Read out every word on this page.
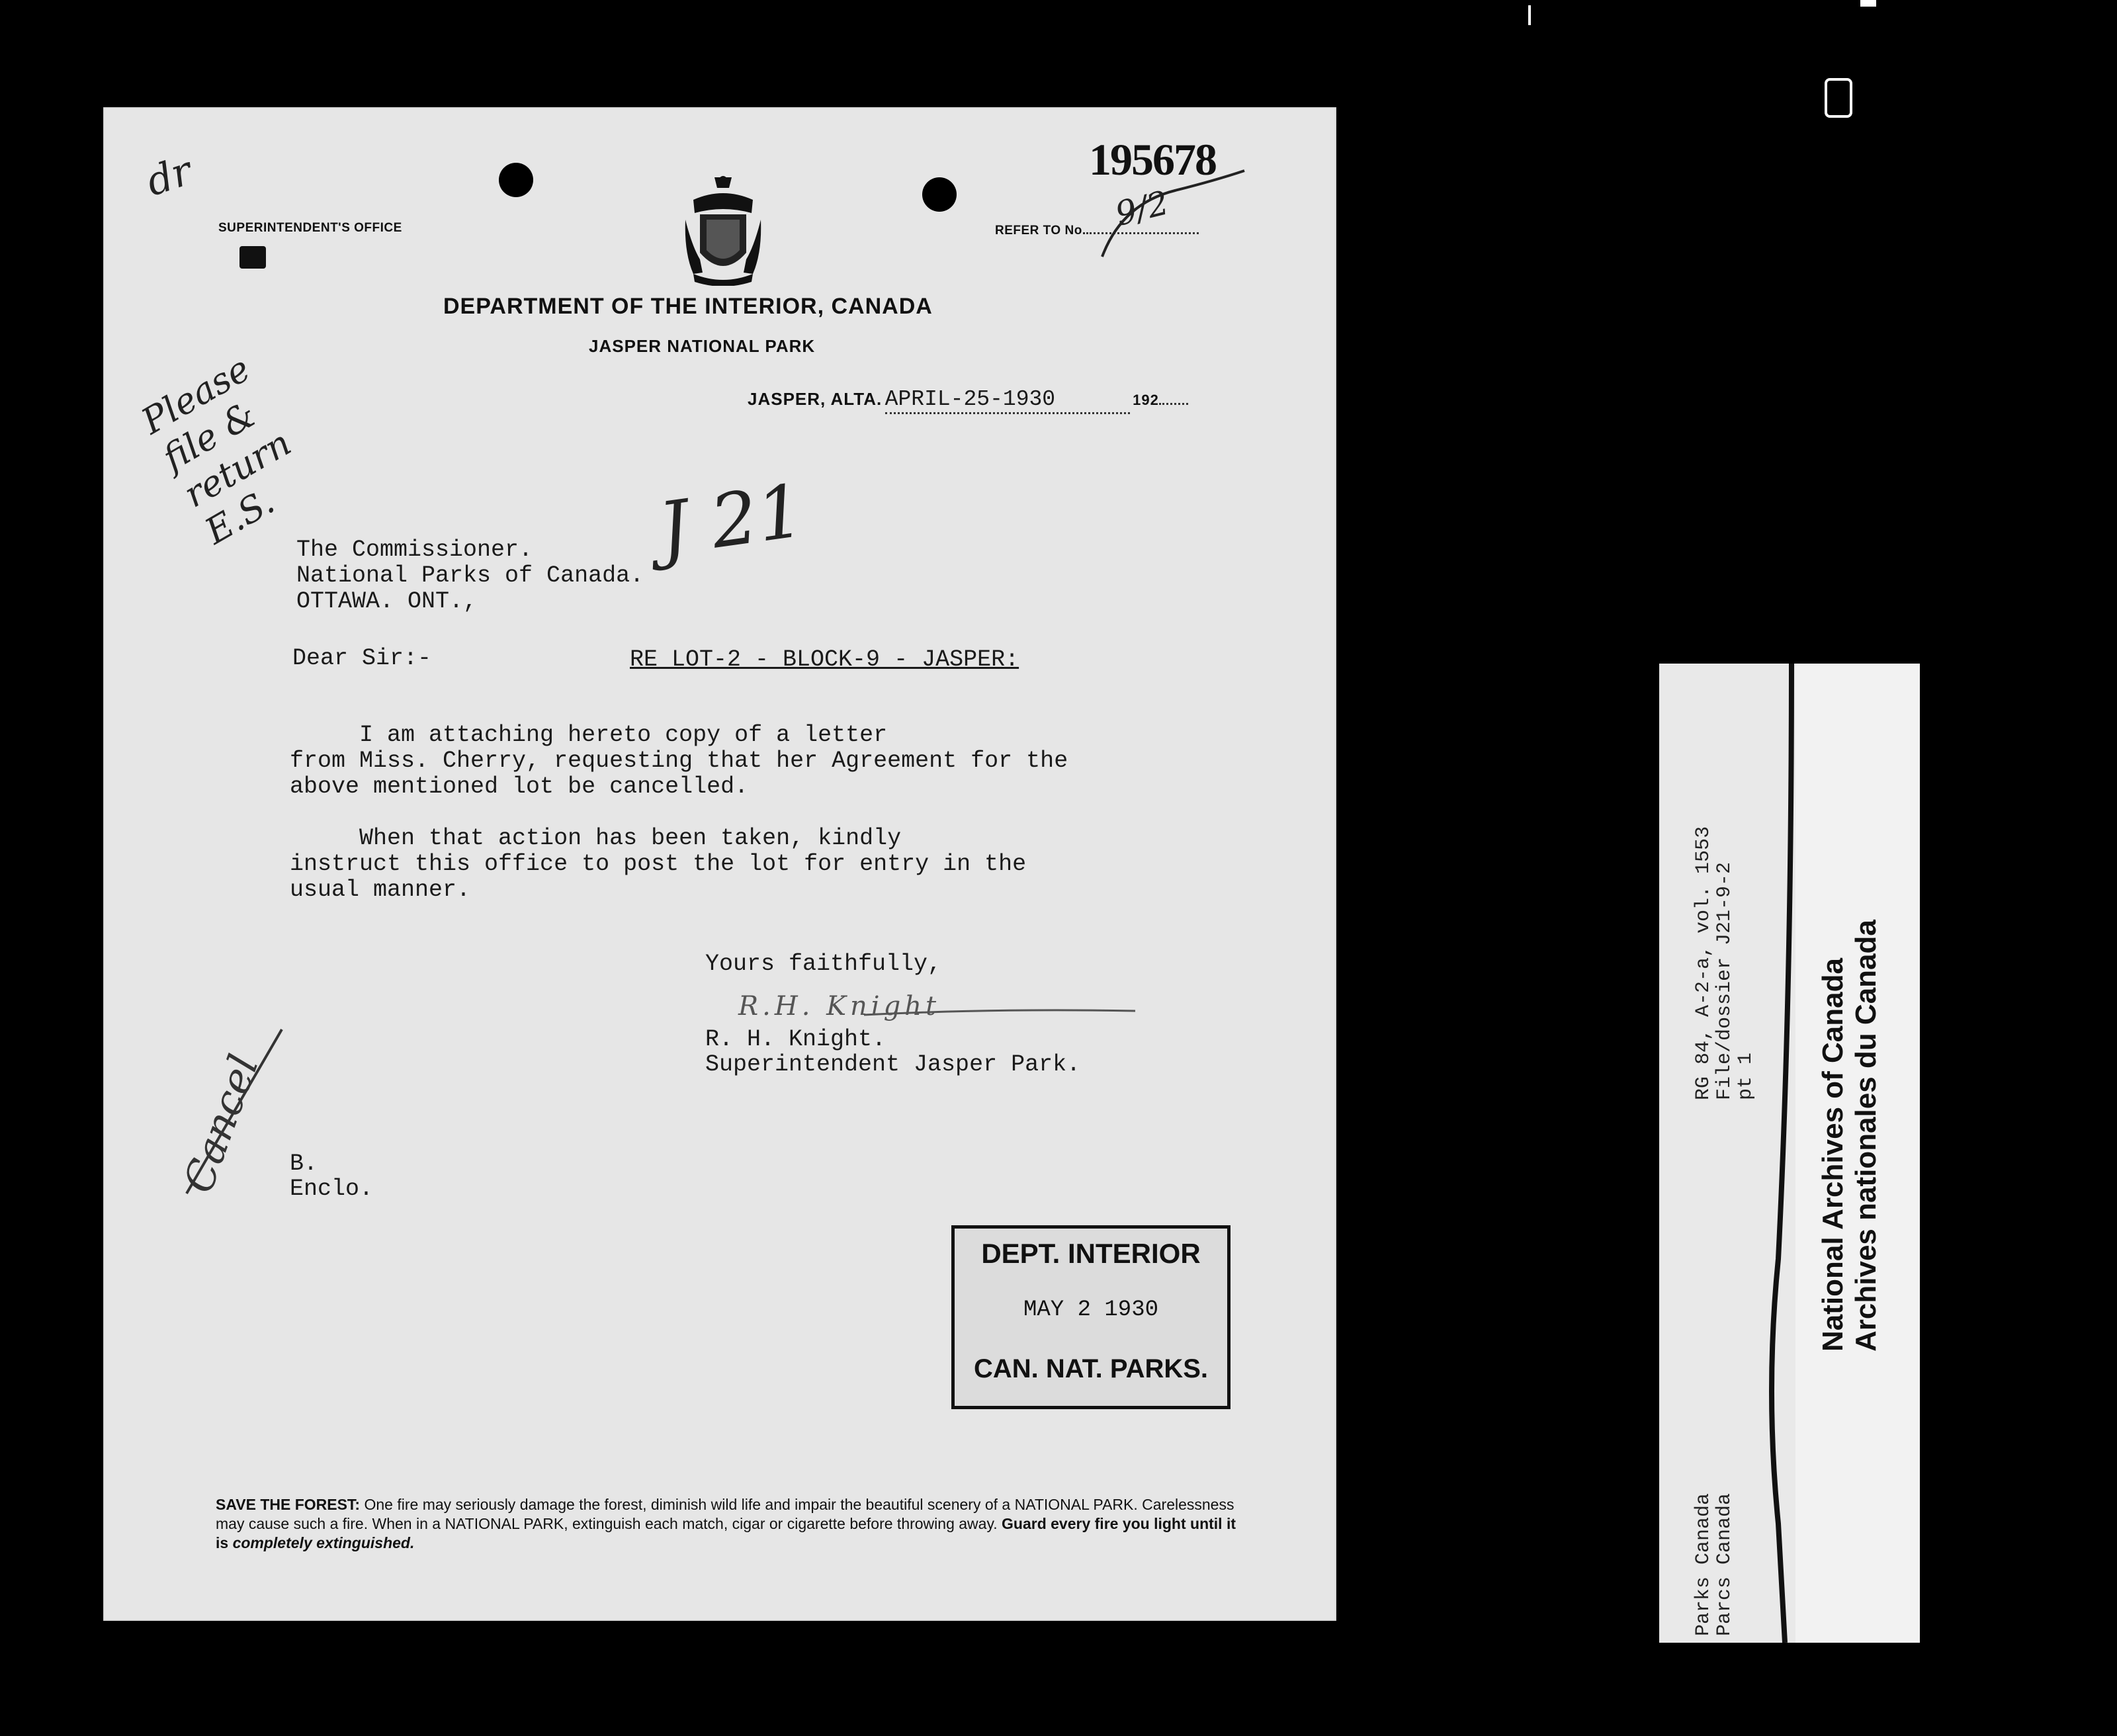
dr
SUPERINTENDENT'S OFFICE	REFER TO No. 9/2
195678
DEPARTMENT OF THE INTERIOR, CANADA
JASPER NATIONAL PARK
JASPER, ALTA. APRIL-25-1930	192
Please file & return E.S. The Commissioner.
National Parks of Canada.
OTTAWA. ONT.,
J 21
Dear Sir:-	RE LOT-2 - BLOCK-9 - JASPER:
I am attaching hereto copy of a letter
from Miss. Cherry, requesting that her Agreement for the
above mentioned lot be cancelled.
When that action has been taken, kindly
instruct this office to post the lot for entry in the
usual manner.
Yours faithfully,
R.H. Knight
R. H. Knight.
Superintendent Jasper Park.
Cancel B.
Enclo.
SAVE THE FOREST: One fire may seriously damage the forest, diminish wild life and impair the beautiful scenery of a NATIONAL PARK. Carelessness may cause such a fire. When in a NATIONAL PARK, extinguish each match, cigar or cigarette before throwing away. Guard every fire you light until it is completely extinguished.
DEPT. INTERIOR
MAY 2 1930
CAN. NAT. PARKS.
RG 84, A-2-a, vol. 1553
File/dossier J21-9-2
pt 1
Parks Canada
Parcs Canada
National Archives of Canada Archives nationales du Canada
